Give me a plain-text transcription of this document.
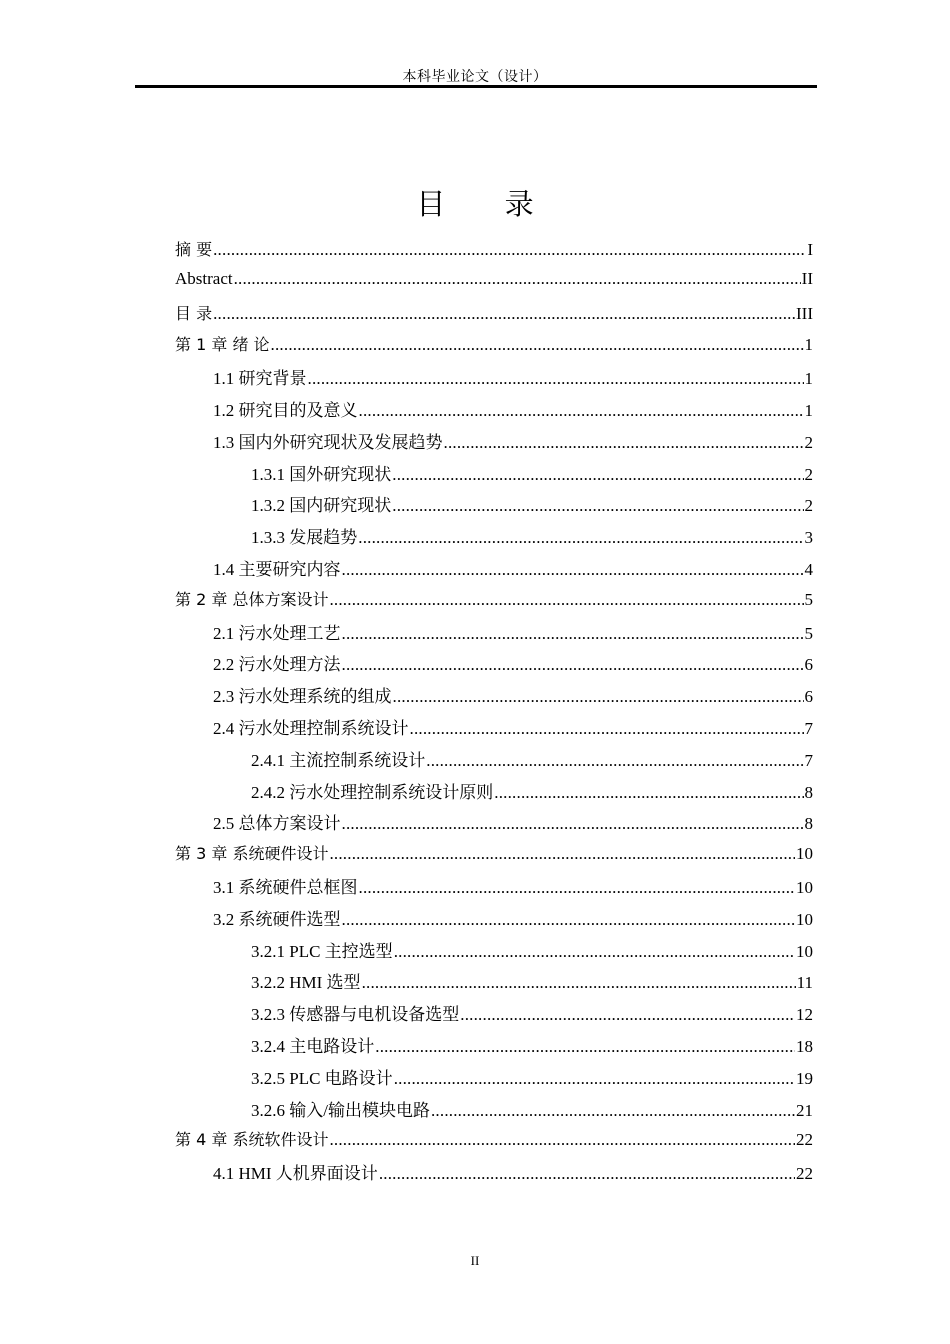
本科毕业论文（设计）
目 录
摘 要 .....	I
Abstract .....	II
目 录 .....	III
第 1 章 绪 论 .....	1
1.1 研究背景 .....	1
1.2 研究目的及意义 .....	1
1.3 国内外研究现状及发展趋势 .....	2
1.3.1 国外研究现状 .....	2
1.3.2 国内研究现状 .....	2
1.3.3 发展趋势 .....	3
1.4 主要研究内容 .....	4
第 2 章 总体方案设计 .....	5
2.1 污水处理工艺 .....	5
2.2 污水处理方法 .....	6
2.3 污水处理系统的组成 .....	6
2.4 污水处理控制系统设计 .....	7
2.4.1 主流控制系统设计 .....	7
2.4.2 污水处理控制系统设计原则 .....	8
2.5 总体方案设计 .....	8
第 3 章 系统硬件设计 .....	10
3.1 系统硬件总框图 .....	10
3.2 系统硬件选型 .....	10
3.2.1 PLC 主控选型 .....	10
3.2.2 HMI 选型 .....	11
3.2.3 传感器与电机设备选型 .....	12
3.2.4 主电路设计 .....	18
3.2.5 PLC 电路设计 .....	19
3.2.6 输入/输出模块电路 .....	21
第 4 章 系统软件设计 .....	22
4.1 HMI 人机界面设计 .....	22
II
